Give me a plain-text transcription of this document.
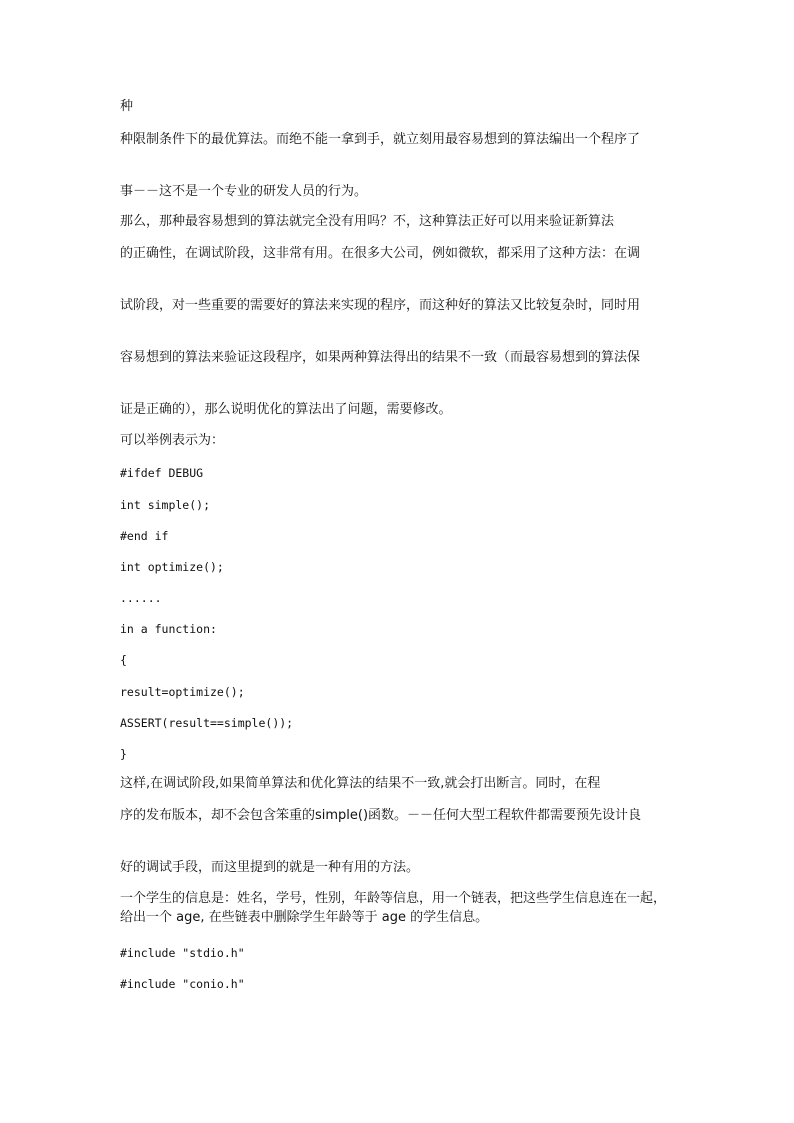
种

种限制条件下的最优算法。而绝不能一拿到手，就立刻用最容易想到的算法编出一个程序了

事－－这不是一个专业的研发人员的行为。

那么，那种最容易想到的算法就完全没有用吗？不，这种算法正好可以用来验证新算法

的正确性，在调试阶段，这非常有用。在很多大公司，例如微软，都采用了这种方法：在调

试阶段，对一些重要的需要好的算法来实现的程序，而这种好的算法又比较复杂时，同时用

容易想到的算法来验证这段程序，如果两种算法得出的结果不一致（而最容易想到的算法保

证是正确的），那么说明优化的算法出了问题，需要修改。

可以举例表示为：

#ifdef DEBUG

int simple();

#end if

int optimize();

......

in a function:

{

result=optimize();

ASSERT(result==simple());

}

这样,在调试阶段,如果简单算法和优化算法的结果不一致,就会打出断言。同时，在程

序的发布版本，却不会包含笨重的simple()函数。－－任何大型工程软件都需要预先设计良

好的调试手段，而这里提到的就是一种有用的方法。

一个学生的信息是：姓名，学号，性别，年龄等信息，用一个链表，把这些学生信息连在一起， 给出一个 age, 在些链表中删除学生年龄等于 age 的学生信息。

#include "stdio.h"

#include "conio.h"
